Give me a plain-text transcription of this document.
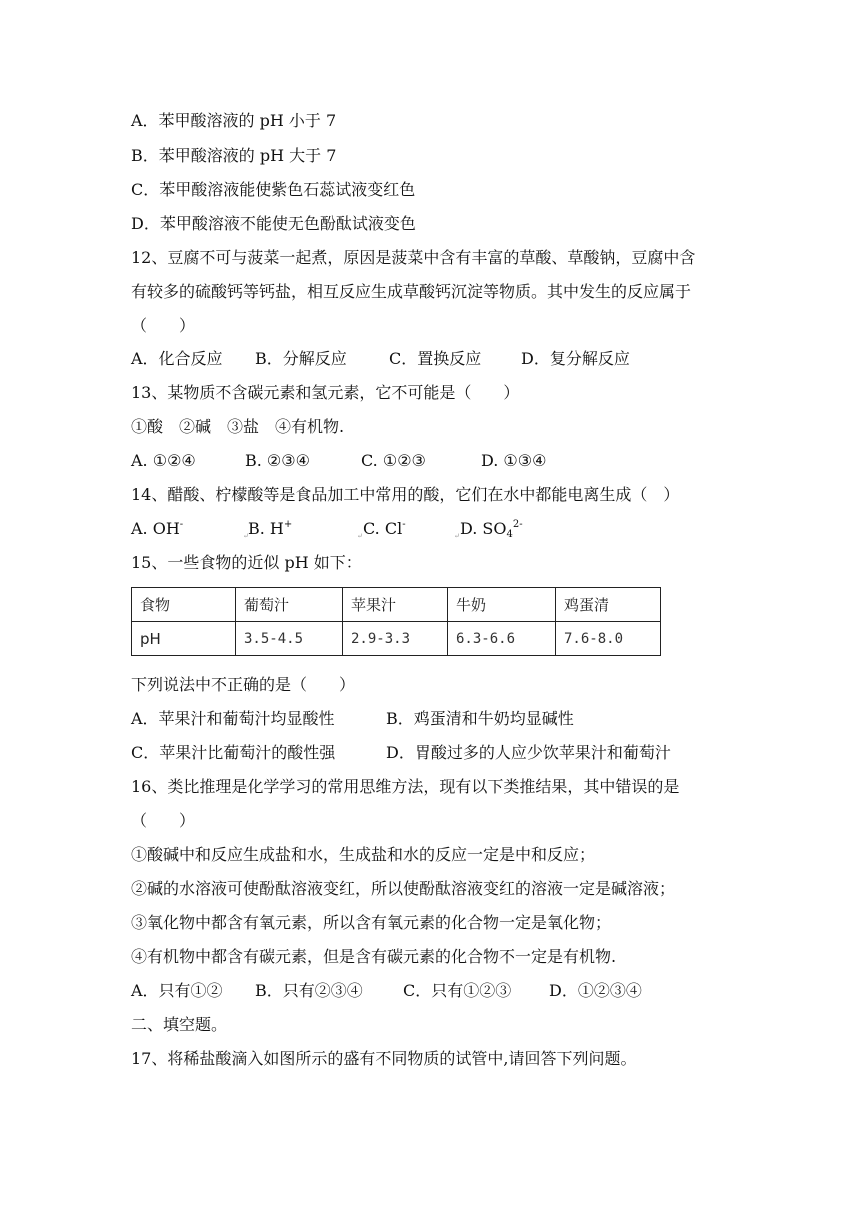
A．苯甲酸溶液的 pH 小于 7
B．苯甲酸溶液的 pH 大于 7
C．苯甲酸溶液能使紫色石蕊试液变红色
D．苯甲酸溶液不能使无色酚酞试液变色
12、豆腐不可与菠菜一起煮，原因是菠菜中含有丰富的草酸、草酸钠，豆腐中含
有较多的硫酸钙等钙盐，相互反应生成草酸钙沉淀等物质。其中发生的反应属于
（　　）
A．化合反应 B．分解反应	C．置换反应 D．复分解反应
13、某物质不含碳元素和氢元素，它不可能是（　　）
①酸　②碱　③盐　④有机物.
A. ①②④	B. ②③④	C. ①②③	D. ①③④
14、醋酸、柠檬酸等是食品加工中常用的酸，它们在水中都能电离生成（　）
A. OH-
↵ B. H+
↵ C. Cl-
↵ D. $SO_4^{2-}$
15、一些食物的近似 pH 如下：
食物	葡萄汁	苹果汁	牛奶	鸡蛋清
pH	3.5-4.5	2.9-3.3	6.3-6.6	7.6-8.0
下列说法中不正确的是（　　）
A．苹果汁和葡萄汁均显酸性	B．鸡蛋清和牛奶均显碱性
C．苹果汁比葡萄汁的酸性强	D．胃酸过多的人应少饮苹果汁和葡萄汁
16、类比推理是化学学习的常用思维方法，现有以下类推结果，其中错误的是
（　　）
①酸碱中和反应生成盐和水，生成盐和水的反应一定是中和反应；
②碱的水溶液可使酚酞溶液变红，所以使酚酞溶液变红的溶液一定是碱溶液；
③氧化物中都含有氧元素，所以含有氧元素的化合物一定是氧化物；
④有机物中都含有碳元素，但是含有碳元素的化合物不一定是有机物.
A．只有①② B．只有②③④	C．只有①②③ D．①②③④
二、填空题。
17、将稀盐酸滴入如图所示的盛有不同物质的试管中,请回答下列问题。
